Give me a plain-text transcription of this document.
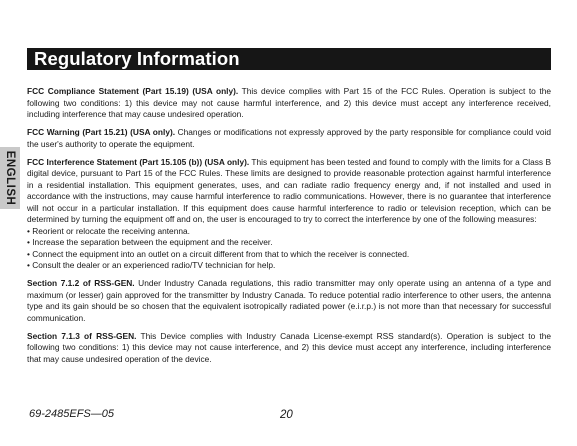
Regulatory Information
ENGLISH

FCC Compliance Statement (Part 15.19) (USA only). This device complies with Part 15 of the FCC Rules. Operation is subject to the following two conditions: 1) this device may not cause harmful interference, and 2) this device must accept any interference received, including interference that may cause undesired operation.

FCC Warning (Part 15.21) (USA only). Changes or modifications not expressly approved by the party responsible for compliance could void the user's authority to operate the equipment.

FCC Interference Statement (Part 15.105 (b)) (USA only). This equipment has been tested and found to comply with the limits for a Class B digital device, pursuant to Part 15 of the FCC Rules. These limits are designed to provide reasonable protection against harmful interference in a residential installation. This equipment generates, uses, and can radiate radio frequency energy and, if not installed and used in accordance with the instructions, may cause harmful interference to radio communications. However, there is no guarantee that interference will not occur in a particular installation. If this equipment does cause harmful interference to radio or television reception, which can be determined by turning the equipment off and on, the user is encouraged to try to correct the interference by one of the following measures:
• Reorient or relocate the receiving antenna.
• Increase the separation between the equipment and the receiver.
• Connect the equipment into an outlet on a circuit different from that to which the receiver is connected.
• Consult the dealer or an experienced radio/TV technician for help.

Section 7.1.2 of RSS-GEN. Under Industry Canada regulations, this radio transmitter may only operate using an antenna of a type and maximum (or lesser) gain approved for the transmitter by Industry Canada. To reduce potential radio interference to other users, the antenna type and its gain should be so chosen that the equivalent isotropically radiated power (e.i.r.p.) is not more than that necessary for successful communication.

Section 7.1.3 of RSS-GEN. This Device complies with Industry Canada License-exempt RSS standard(s). Operation is subject to the following two conditions: 1) this device may not cause interference, and 2) this device must accept any interference, including interference that may cause undesired operation of the device.

69-2485EFS—05	20
